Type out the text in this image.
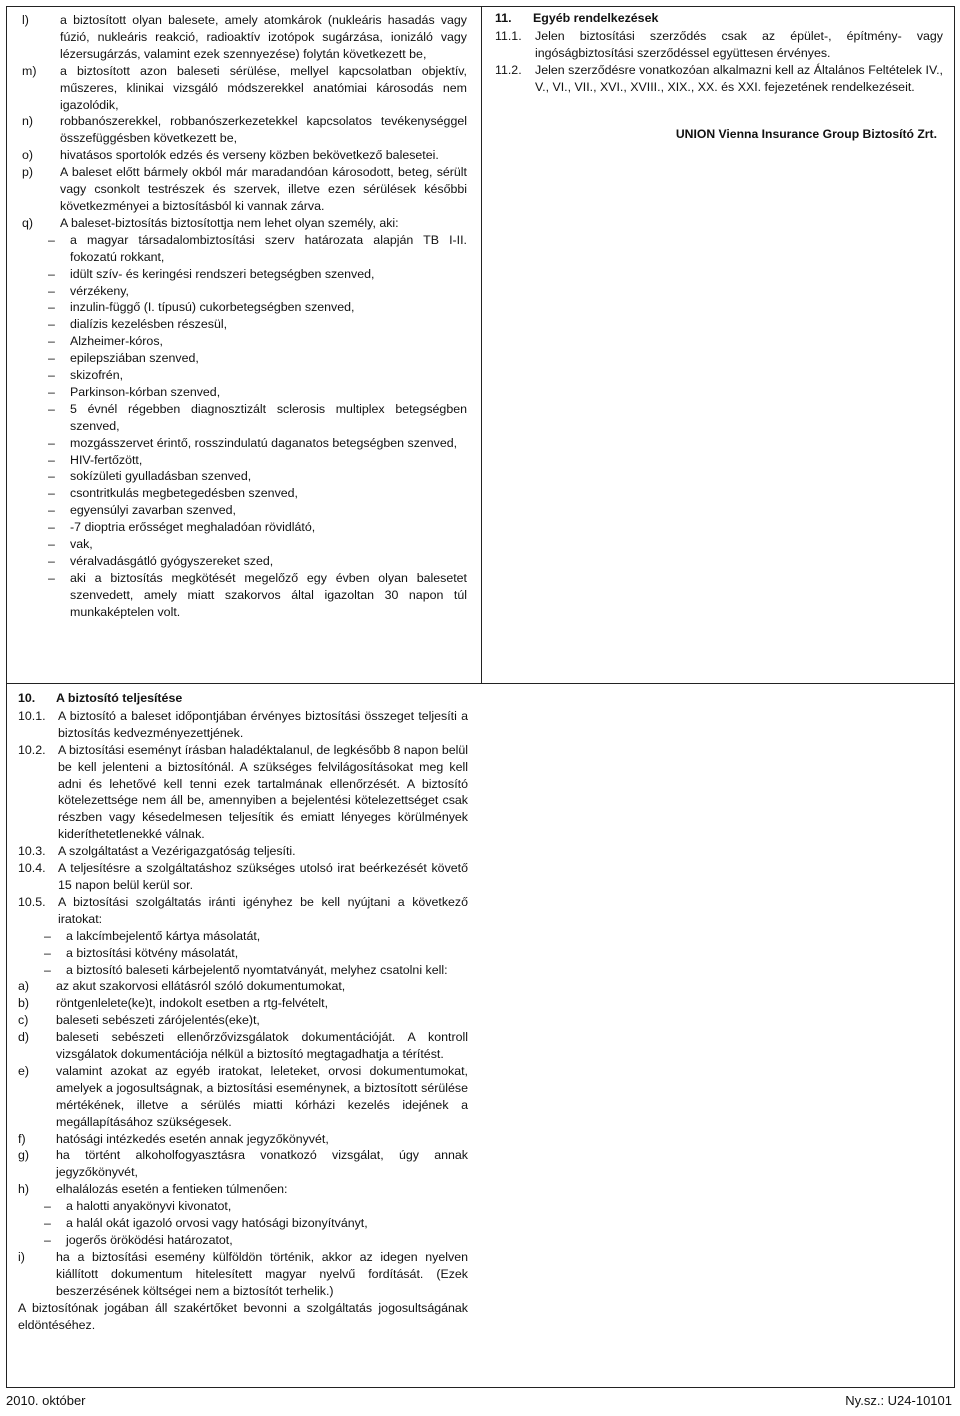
l)	a biztosított olyan balesete, amely atomkárok (nukleáris hasadás vagy fúzió, nukleáris reakció, radioaktív izotópok sugárzása, ionizáló vagy lézersugárzás, valamint ezek szennyezése) folytán következett be,
m)	a biztosított azon baleseti sérülése, mellyel kapcsolatban objektív, műszeres, klinikai vizsgáló módszerekkel anatómiai károsodás nem igazolódik,
n)	robbanószerekkel, robbanószerkezetekkel kapcsolatos tevékenységgel összefüggésben következett be,
o)	hivatásos sportolók edzés és verseny közben bekövetkező balesetei.
p)	A baleset előtt bármely okból már maradandóan károsodott, beteg, sérült vagy csonkolt testrészek és szervek, illetve ezen sérülések későbbi következményei a biztosításból ki vannak zárva.
q)	A baleset-biztosítás biztosítottja nem lehet olyan személy, aki:
–	a magyar társadalombiztosítási szerv határozata alapján TB I-II. fokozatú rokkant,
–	idült szív- és keringési rendszeri betegségben szenved,
–	vérzékeny,
–	inzulin-függő (I. típusú) cukorbetegségben szenved,
–	dialízis kezelésben részesül,
–	Alzheimer-kóros,
–	epilepsziában szenved,
–	skizofrén,
–	Parkinson-kórban szenved,
–	5 évnél régebben diagnosztizált sclerosis multiplex betegségben szenved,
–	mozgásszervet érintő, rosszindulatú daganatos betegségben szenved,
–	HIV-fertőzött,
–	sokízületi gyulladásban szenved,
–	csontritkulás megbetegedésben szenved,
–	egyensúlyi zavarban szenved,
–	-7 dioptria erősséget meghaladóan rövidlátó,
–	vak,
–	véralvadásgátló gyógyszereket szed,
–	aki a biztosítás megkötését megelőző egy évben olyan balesetet szenvedett, amely miatt szakorvos által igazoltan 30 napon túl munkaképtelen volt.
11.	Egyéb rendelkezések
11.1.	Jelen biztosítási szerződés csak az épület-, építmény- vagy ingóságbiztosítási szerződéssel együttesen érvényes.
11.2.	Jelen szerződésre vonatkozóan alkalmazni kell az Általános Feltételek IV., V., VI., VII., XVI., XVIII., XIX., XX. és XXI. fejezetének rendelkezéseit.
UNION Vienna Insurance Group Biztosító Zrt.
10.	A biztosító teljesítése
10.1.	A biztosító a baleset időpontjában érvényes biztosítási összeget teljesíti a biztosítás kedvezményezettjének.
10.2.	A biztosítási eseményt írásban haladéktalanul, de legkésőbb 8 napon belül be kell jelenteni a biztosítónál. A szükséges felvilágosításokat meg kell adni és lehetővé kell tenni ezek tartalmának ellenőrzését. A biztosító kötelezettsége nem áll be, amennyiben a bejelentési kötelezettséget csak részben vagy késedelmesen teljesítik és emiatt lényeges körülmények kideríthetetlenekké válnak.
10.3.	A szolgáltatást a Vezérigazgatóság teljesíti.
10.4.	A teljesítésre a szolgáltatáshoz szükséges utolsó irat beérkezését követő 15 napon belül kerül sor.
10.5.	A biztosítási szolgáltatás iránti igényhez be kell nyújtani a következő iratokat:
–	a lakcímbejelentő kártya másolatát,
–	a biztosítási kötvény másolatát,
–	a biztosító baleseti kárbejelentő nyomtatványát, melyhez csatolni kell:
a)	az akut szakorvosi ellátásról szóló dokumentumokat,
b)	röntgenlelete(ke)t, indokolt esetben a rtg-felvételt,
c)	baleseti sebészeti zárójelentés(eke)t,
d)	baleseti sebészeti ellenőrzővizsgálatok dokumentációját. A kontroll vizsgálatok dokumentációja nélkül a biztosító megtagadhatja a térítést.
e)	valamint azokat az egyéb iratokat, leleteket, orvosi dokumentumokat, amelyek a jogosultságnak, a biztosítási eseménynek, a biztosított sérülése mértékének, illetve a sérülés miatti kórházi kezelés idejének a megállapításához szükségesek.
f)	hatósági intézkedés esetén annak jegyzőkönyvét,
g)	ha történt alkoholfogyasztásra vonatkozó vizsgálat, úgy annak jegyzőkönyvét,
h)	elhalálozás esetén a fentieken túlmenően:
–	a halotti anyakönyvi kivonatot,
–	a halál okát igazoló orvosi vagy hatósági bizonyítványt,
–	jogerős öröködési határozatot,
i)	ha a biztosítási esemény külföldön történik, akkor az idegen nyelven kiállított dokumentum hitelesített magyar nyelvű fordítását. (Ezek beszerzésének költségei nem a biztosítót terhelik.)

A biztosítónak jogában áll szakértőket bevonni a szolgáltatás jogosultságának eldöntéséhez.

2010. október	Ny.sz.: U24-10101
